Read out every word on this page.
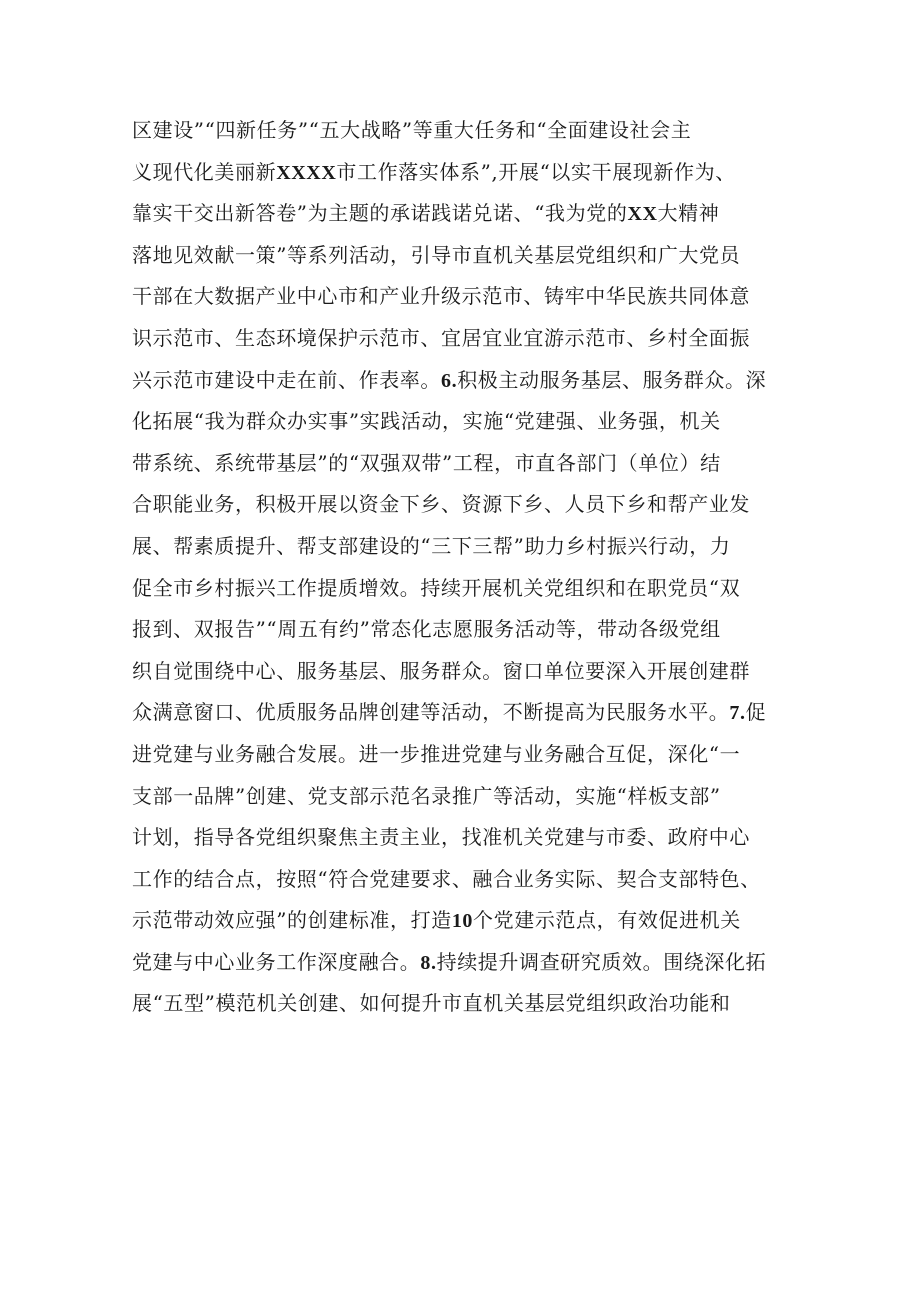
区建设”“四新任务”“五大战略”等重大任务和“全面建设社会主
义现代化美丽新XXXX市工作落实体系”,开展“以实干展现新作为、
靠实干交出新答卷”为主题的承诺践诺兑诺、“我为党的XX大精神
落地见效献一策”等系列活动，引导市直机关基层党组织和广大党员
干部在大数据产业中心市和产业升级示范市、铸牢中华民族共同体意
识示范市、生态环境保护示范市、宜居宜业宜游示范市、乡村全面振
兴示范市建设中走在前、作表率。6.积极主动服务基层、服务群众。深
化拓展“我为群众办实事”实践活动，实施“党建强、业务强，机关
带系统、系统带基层”的“双强双带”工程，市直各部门（单位）结
合职能业务，积极开展以资金下乡、资源下乡、人员下乡和帮产业发
展、帮素质提升、帮支部建设的“三下三帮”助力乡村振兴行动，力
促全市乡村振兴工作提质增效。持续开展机关党组织和在职党员“双
报到、双报告”“周五有约”常态化志愿服务活动等，带动各级党组
织自觉围绕中心、服务基层、服务群众。窗口单位要深入开展创建群
众满意窗口、优质服务品牌创建等活动，不断提高为民服务水平。7.促
进党建与业务融合发展。进一步推进党建与业务融合互促，深化“一
支部一品牌”创建、党支部示范名录推广等活动，实施“样板支部”
计划，指导各党组织聚焦主责主业，找准机关党建与市委、政府中心
工作的结合点，按照“符合党建要求、融合业务实际、契合支部特色、
示范带动效应强”的创建标准，打造10个党建示范点，有效促进机关
党建与中心业务工作深度融合。8.持续提升调查研究质效。围绕深化拓
展“五型”模范机关创建、如何提升市直机关基层党组织政治功能和
